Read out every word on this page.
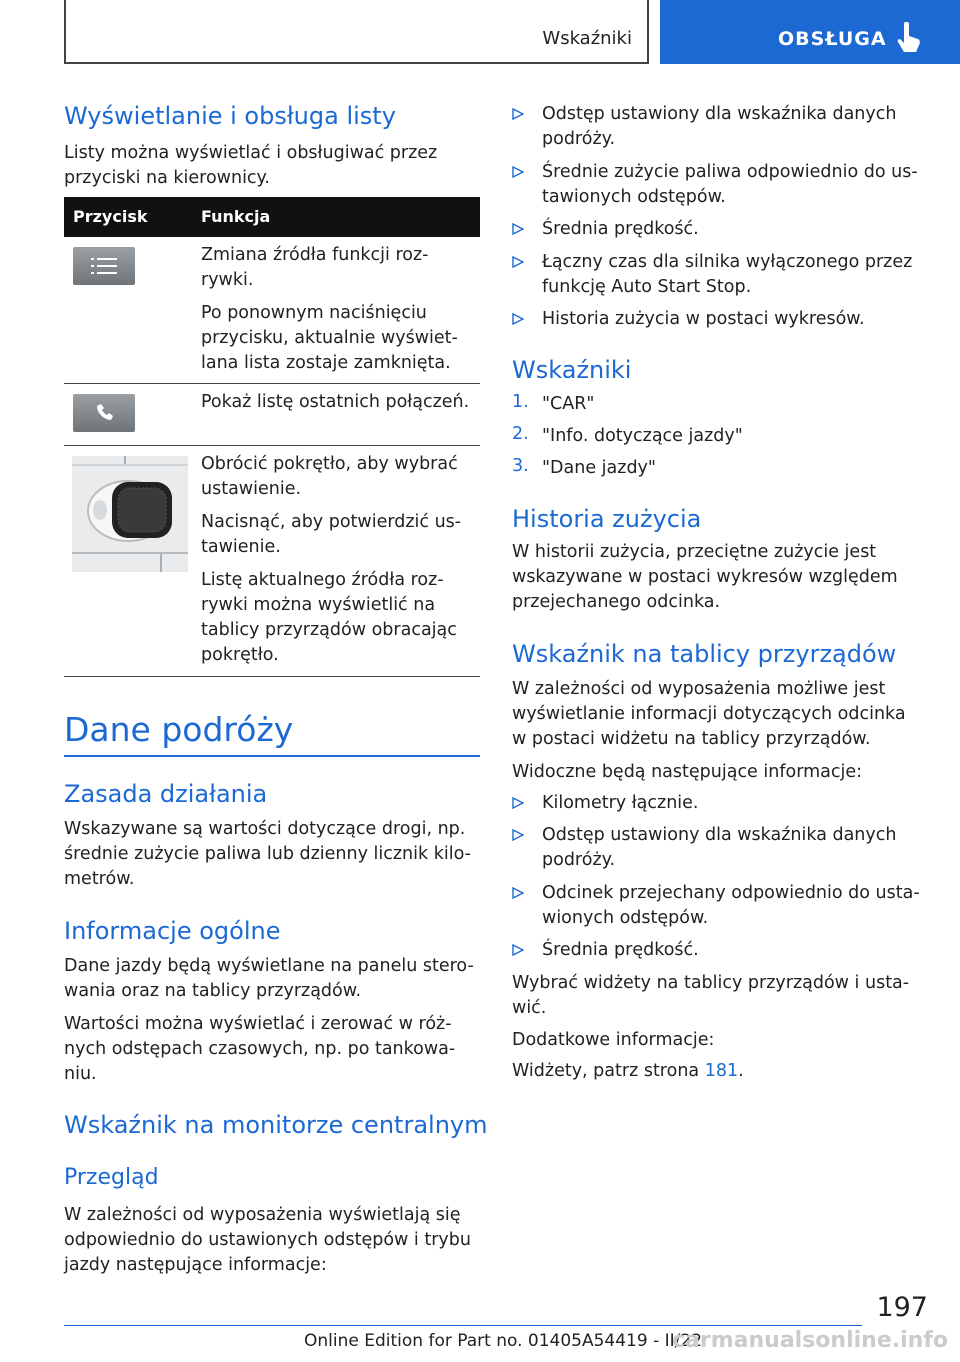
Wskaźniki	OBSŁUGA
Wyświetlanie i obsługa listy
Listy można wyświetlać i obsługiwać przez przyciski na kierownicy.
Przycisk	Funkcja

Zmiana źródła funkcji roz-rywki.

Po ponownym naciśnięciu przycisku, aktualnie wyświet-lana lista zostaje zamknięta.

Pokaż listę ostatnich połączeń.

Obrócić pokrętło, aby wybrać ustawienie.

Nacisnąć, aby potwierdzić us-tawienie.

Listę aktualnego źródła roz-rywki można wyświetlić na tablicy przyrządów obracając pokrętło.

Dane podróży
Zasada działania
Wskazywane są wartości dotyczące drogi, np. średnie zużycie paliwa lub dzienny licznik kilo-metrów.
Informacje ogólne
Dane jazdy będą wyświetlane na panelu stero-wania oraz na tablicy przyrządów.
Wartości można wyświetlać i zerować w róż-nych odstępach czasowych, np. po tankowa-niu.
Wskaźnik na monitorze centralnym
Przegląd
W zależności od wyposażenia wyświetlają się odpowiednio do ustawionych odstępów i trybu jazdy następujące informacje:
Odstęp ustawiony dla wskaźnika danych podróży.
Średnie zużycie paliwa odpowiednio do us-tawionych odstępów.
Średnia prędkość.
Łączny czas dla silnika wyłączonego przez funkcję Auto Start Stop.
Historia zużycia w postaci wykresów.
Wskaźniki
1. "CAR"
2. "Info. dotyczące jazdy"
3. "Dane jazdy"
Historia zużycia
W historii zużycia, przeciętne zużycie jest wskazywane w postaci wykresów względem przejechanego odcinka.
Wskaźnik na tablicy przyrządów
W zależności od wyposażenia możliwe jest wyświetlanie informacji dotyczących odcinka w postaci widżetu na tablicy przyrządów.
Widoczne będą następujące informacje:
Kilometry łącznie.
Odstęp ustawiony dla wskaźnika danych podróży.
Odcinek przejechany odpowiednio do usta-wionych odstępów.
Średnia prędkość.
Wybrać widżety na tablicy przyrządów i usta-wić.
Dodatkowe informacje:
Widżety, patrz strona 181.
197
Online Edition for Part no. 01405A54419 - II/22
carmanualsonline.info
